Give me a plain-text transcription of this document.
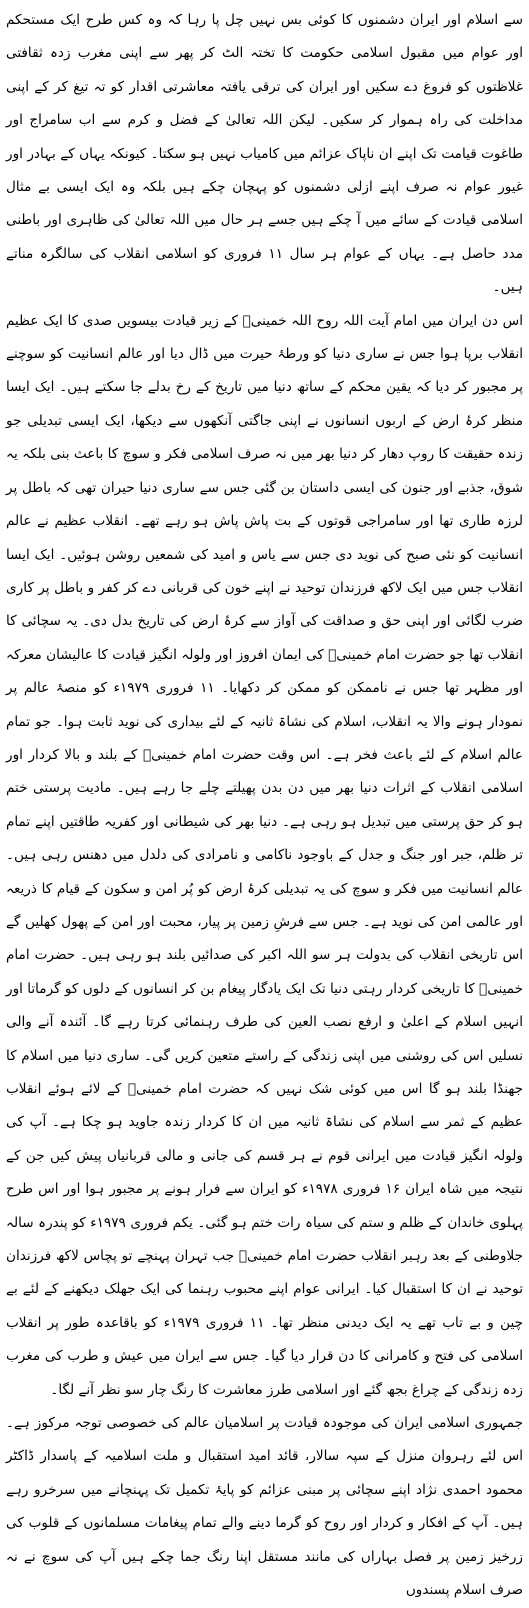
سے اسلام اور ایران دشمنوں کا کوئی بس نہیں چل پا رہا کہ وہ کس طرح ایک مستحکم اور عوام میں مقبول اسلامی حکومت کا تختہ الٹ کر پھر سے اپنی مغرب زدہ ثقافتی غلاظتوں کو فروغ دے سکیں اور ایران کی ترقی یافتہ معاشرتی اقدار کو تہ تیغ کر کے اپنی مداخلت کی راہ ہموار کر سکیں۔ لیکن اللہ تعالیٰ کے فضل و کرم سے اب سامراج اور طاغوت قیامت تک اپنے ان ناپاک عزائم میں کامیاب نہیں ہو سکتا۔ کیونکہ یہاں کے بہادر اور غیور عوام نہ صرف اپنے ازلی دشمنوں کو پہچان چکے ہیں بلکہ وہ ایک ایسی بے مثال اسلامی قیادت کے سائے میں آ چکے ہیں جسے ہر حال میں اللہ تعالیٰ کی ظاہری اور باطنی مدد حاصل ہے۔ یہاں کے عوام ہر سال ۱۱ فروری کو اسلامی انقلاب کی سالگرہ مناتے ہیں۔

اس دن ایران میں امام آیت اللہ روح اللہ خمینیؒ کے زیر قیادت بیسویں صدی کا ایک عظیم انقلاب برپا ہوا جس نے ساری دنیا کو ورطۂ حیرت میں ڈال دیا اور عالم انسانیت کو سوچنے پر مجبور کر دیا کہ یقین محکم کے ساتھ دنیا میں تاریخ کے رخ بدلے جا سکتے ہیں۔ ایک ایسا منظر کرۂ ارض کے اربوں انسانوں نے اپنی جاگتی آنکھوں سے دیکھا، ایک ایسی تبدیلی جو زندہ حقیقت کا روپ دھار کر دنیا بھر میں نہ صرف اسلامی فکر و سوچ کا باعث بنی بلکہ یہ شوق، جذبے اور جنون کی ایسی داستان بن گئی جس سے ساری دنیا حیران تھی کہ باطل پر لرزہ طاری تھا اور سامراجی قوتوں کے بت پاش پاش ہو رہے تھے۔ انقلاب عظیم نے عالم انسانیت کو نئی صبح کی نوید دی جس سے یاس و امید کی شمعیں روشن ہوئیں۔ ایک ایسا انقلاب جس میں ایک لاکھ فرزندان توحید نے اپنے خون کی قربانی دے کر کفر و باطل پر کاری ضرب لگائی اور اپنی حق و صداقت کی آواز سے کرۂ ارض کی تاریخ بدل دی۔ یہ سچائی کا انقلاب تھا جو حضرت امام خمینیؒ کی ایمان افروز اور ولولہ انگیز قیادت کا عالیشان معرکہ اور مظہر تھا جس نے ناممکن کو ممکن کر دکھایا۔ ۱۱ فروری ۱۹۷۹ء کو منصۂ عالم پر نمودار ہونے والا یہ انقلاب، اسلام کی نشاۃ ثانیہ کے لئے بیداری کی نوید ثابت ہوا۔ جو تمام عالم اسلام کے لئے باعث فخر ہے۔ اس وقت حضرت امام خمینیؒ کے بلند و بالا کردار اور اسلامی انقلاب کے اثرات دنیا بھر میں دن بدن پھیلتے چلے جا رہے ہیں۔ مادیت پرستی ختم ہو کر حق پرستی میں تبدیل ہو رہی ہے۔ دنیا بھر کی شیطانی اور کفریہ طاقتیں اپنے تمام تر ظلم، جبر اور جنگ و جدل کے باوجود ناکامی و نامرادی کی دلدل میں دھنس رہی ہیں۔ عالم انسانیت میں فکر و سوچ کی یہ تبدیلی کرۂ ارض کو پُر امن و سکون کے قیام کا ذریعہ اور عالمی امن کی نوید ہے۔ جس سے فرشِ زمین پر پیار، محبت اور امن کے پھول کھلیں گے اس تاریخی انقلاب کی بدولت ہر سو اللہ اکبر کی صدائیں بلند ہو رہی ہیں۔ حضرت امام خمینیؒ کا تاریخی کردار رہتی دنیا تک ایک یادگار پیغام بن کر انسانوں کے دلوں کو گرماتا اور انہیں اسلام کے اعلیٰ و ارفع نصب العین کی طرف رہنمائی کرتا رہے گا۔ آئندہ آنے والی نسلیں اس کی روشنی میں اپنی زندگی کے راستے متعین کریں گی۔ ساری دنیا میں اسلام کا جھنڈا بلند ہو گا اس میں کوئی شک نہیں کہ حضرت امام خمینیؒ کے لائے ہوئے انقلاب عظیم کے ثمر سے اسلام کی نشاۃ ثانیہ میں ان کا کردار زندہ جاوید ہو چکا ہے۔ آپ کی ولولہ انگیز قیادت میں ایرانی قوم نے ہر قسم کی جانی و مالی قربانیاں پیش کیں جن کے نتیجہ میں شاہ ایران ۱۶ فروری ۱۹۷۸ء کو ایران سے فرار ہونے پر مجبور ہوا اور اس طرح پہلوی خاندان کے ظلم و ستم کی سیاہ رات ختم ہو گئی۔ یکم فروری ۱۹۷۹ء کو پندرہ سالہ جلاوطنی کے بعد رہبر انقلاب حضرت امام خمینیؒ جب تہران پہنچے تو پچاس لاکھ فرزندان توحید نے ان کا استقبال کیا۔ ایرانی عوام اپنے محبوب رہنما کی ایک جھلک دیکھنے کے لئے بے چین و بے تاب تھے یہ ایک دیدنی منظر تھا۔ ۱۱ فروری ۱۹۷۹ء کو باقاعدہ طور پر انقلاب اسلامی کی فتح و کامرانی کا دن قرار دیا گیا۔ جس سے ایران میں عیش و طرب کی مغرب زدہ زندگی کے چراغ بجھ گئے اور اسلامی طرز معاشرت کا رنگ چار سو نظر آنے لگا۔

جمہوری اسلامی ایران کی موجودہ قیادت پر اسلامیان عالم کی خصوصی توجہ مرکوز ہے۔ اس لئے رہروان منزل کے سپہ سالار، قائد امید استقبال و ملت اسلامیہ کے پاسدار ڈاکٹر محمود احمدی نژاد اپنے سچائی پر مبنی عزائم کو پایۂ تکمیل تک پہنچانے میں سرخرو رہے ہیں۔ آپ کے افکار و کردار اور روح کو گرما دینے والے تمام پیغامات مسلمانوں کے قلوب کی زرخیز زمین پر فصل بہاراں کی مانند مستقل اپنا رنگ جما چکے ہیں آپ کی سوچ نے نہ صرف اسلام پسندوں
